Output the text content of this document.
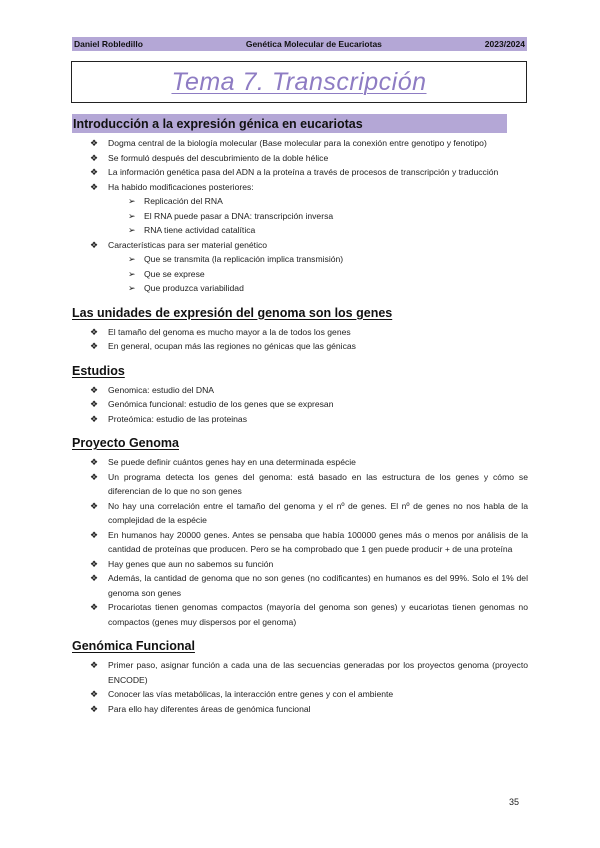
Daniel Robledillo	Genética Molecular de Eucariotas	2023/2024
Tema 7. Transcripción
Introducción a la expresión génica en eucariotas
❖ Dogma central de la biología molecular (Base molecular para la conexión entre genotipo y fenotipo)
❖ Se formuló después del descubrimiento de la doble hélice
❖ La información genética pasa del ADN a la proteína a través de procesos de transcripción y traducción
❖ Ha habido modificaciones posteriores:
➢ Replicación del RNA
➢ El RNA puede pasar a DNA: transcripción inversa
➢ RNA tiene actividad catalítica
❖ Características para ser material genético
➢ Que se transmita (la replicación implica transmisión)
➢ Que se exprese
➢ Que produzca variabilidad
Las unidades de expresión del genoma son los genes
❖ El tamaño del genoma es mucho mayor a la de todos los genes
❖ En general, ocupan más las regiones no génicas que las génicas
Estudios
❖ Genomica: estudio del DNA
❖ Genómica funcional: estudio de los genes que se expresan
❖ Proteómica: estudio de las proteinas
Proyecto Genoma
❖ Se puede definir cuántos genes hay en una determinada espécie
❖ Un programa detecta los genes del genoma: está basado en las estructura de los genes y cómo se diferencian de lo que no son genes
❖ No hay una correlación entre el tamaño del genoma y el nº de genes. El nº de genes no nos habla de la complejidad de la espécie
❖ En humanos hay 20000 genes. Antes se pensaba que había 100000 genes más o menos por análisis de la cantidad de proteínas que producen. Pero se ha comprobado que 1 gen puede producir + de una proteína
❖ Hay genes que aun no sabemos su función
❖ Además, la cantidad de genoma que no son genes (no codificantes) en humanos es del 99%. Solo el 1% del genoma son genes
❖ Procariotas tienen genomas compactos (mayoría del genoma son genes) y eucariotas tienen genomas no compactos (genes muy dispersos por el genoma)
Genómica Funcional
❖ Primer paso, asignar función a cada una de las secuencias generadas por los proyectos genoma (proyecto ENCODE)
❖ Conocer las vías metabólicas, la interacción entre genes y con el ambiente
❖ Para ello hay diferentes áreas de genómica funcional
35
